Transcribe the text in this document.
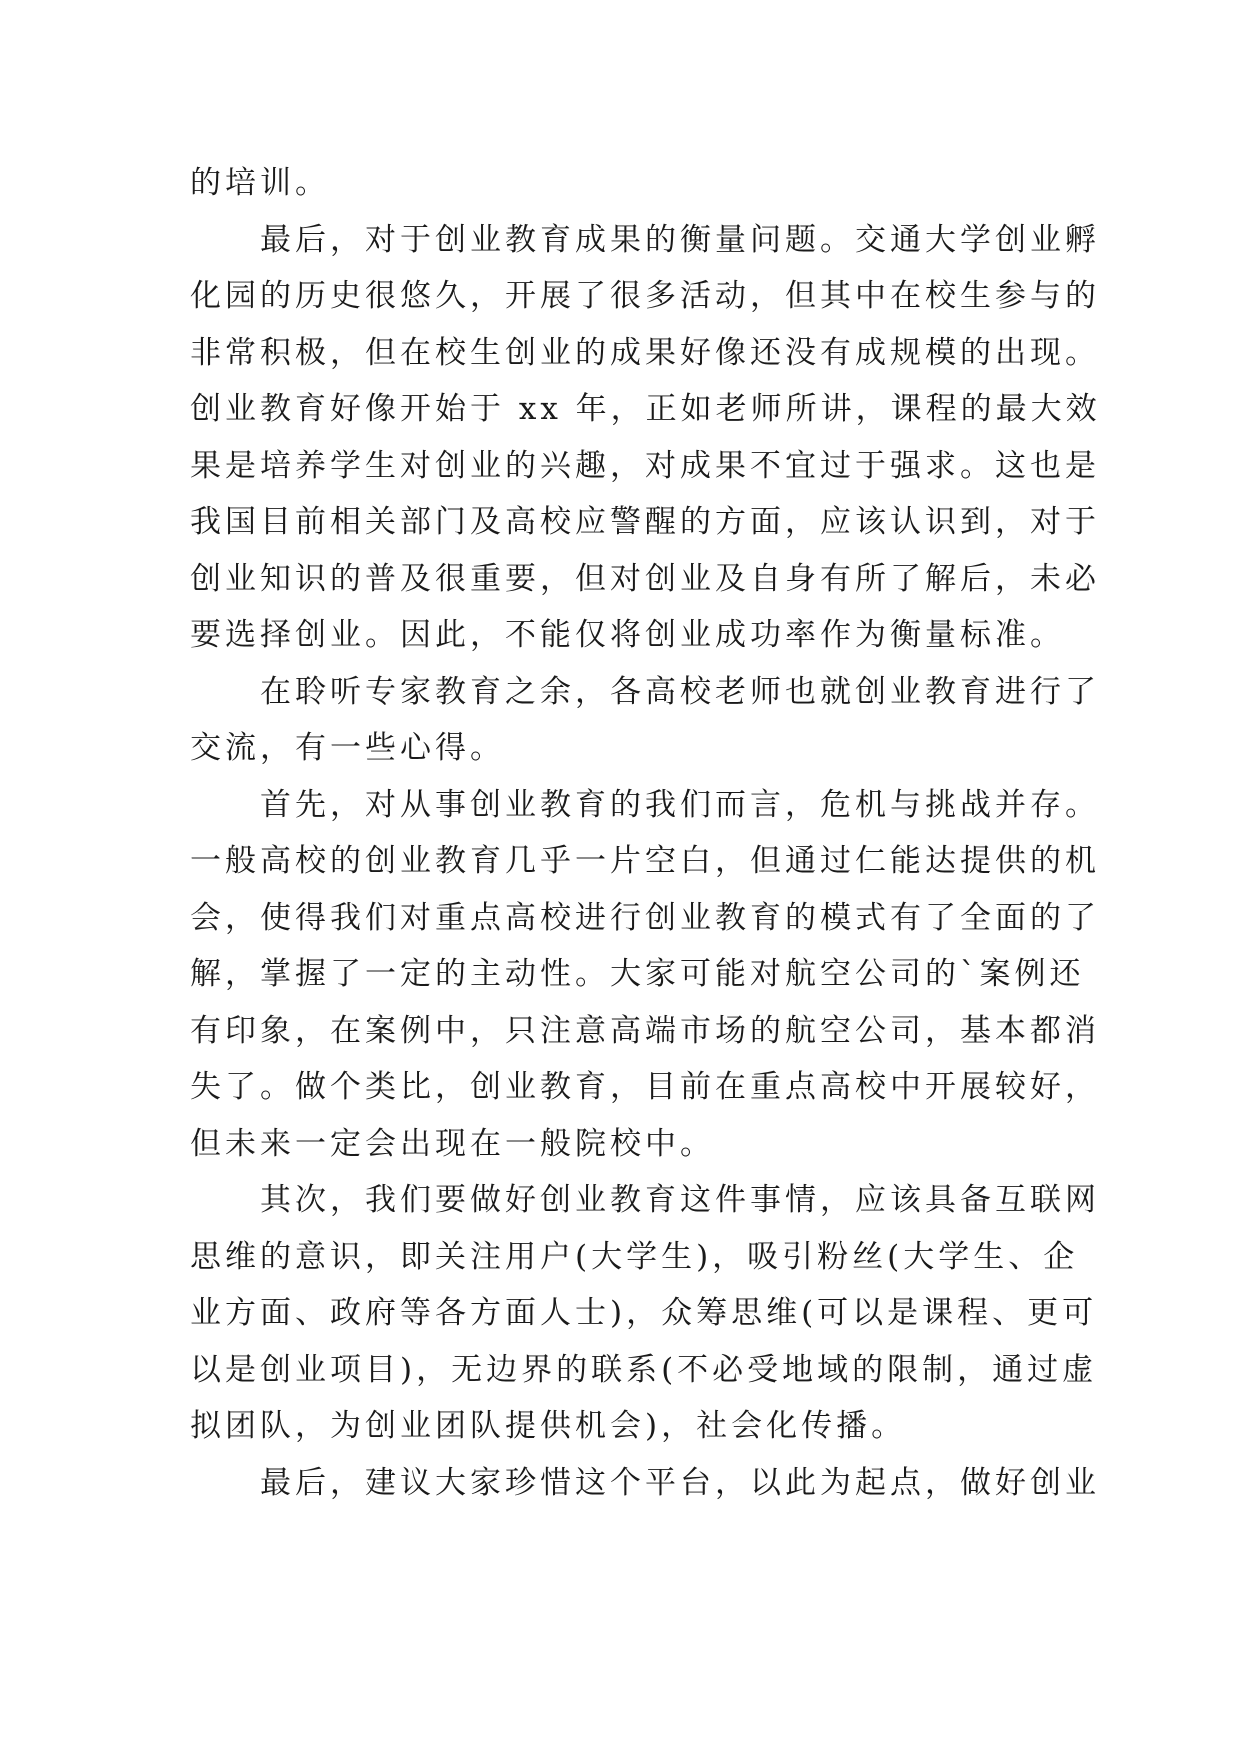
的培训。
最后，对于创业教育成果的衡量问题。交通大学创业孵
化园的历史很悠久，开展了很多活动，但其中在校生参与的
非常积极，但在校生创业的成果好像还没有成规模的出现。
创业教育好像开始于 xx 年，正如老师所讲，课程的最大效
果是培养学生对创业的兴趣，对成果不宜过于强求。这也是
我国目前相关部门及高校应警醒的方面，应该认识到，对于
创业知识的普及很重要，但对创业及自身有所了解后，未必
要选择创业。因此，不能仅将创业成功率作为衡量标准。
在聆听专家教育之余，各高校老师也就创业教育进行了
交流，有一些心得。
首先，对从事创业教育的我们而言，危机与挑战并存。
一般高校的创业教育几乎一片空白，但通过仁能达提供的机
会，使得我们对重点高校进行创业教育的模式有了全面的了
解，掌握了一定的主动性。大家可能对航空公司的`案例还
有印象，在案例中，只注意高端市场的航空公司，基本都消
失了。做个类比，创业教育，目前在重点高校中开展较好，
但未来一定会出现在一般院校中。
其次，我们要做好创业教育这件事情，应该具备互联网
思维的意识，即关注用户(大学生)，吸引粉丝(大学生、企
业方面、政府等各方面人士)，众筹思维(可以是课程、更可
以是创业项目)，无边界的联系(不必受地域的限制，通过虚
拟团队，为创业团队提供机会)，社会化传播。
最后，建议大家珍惜这个平台，以此为起点，做好创业
